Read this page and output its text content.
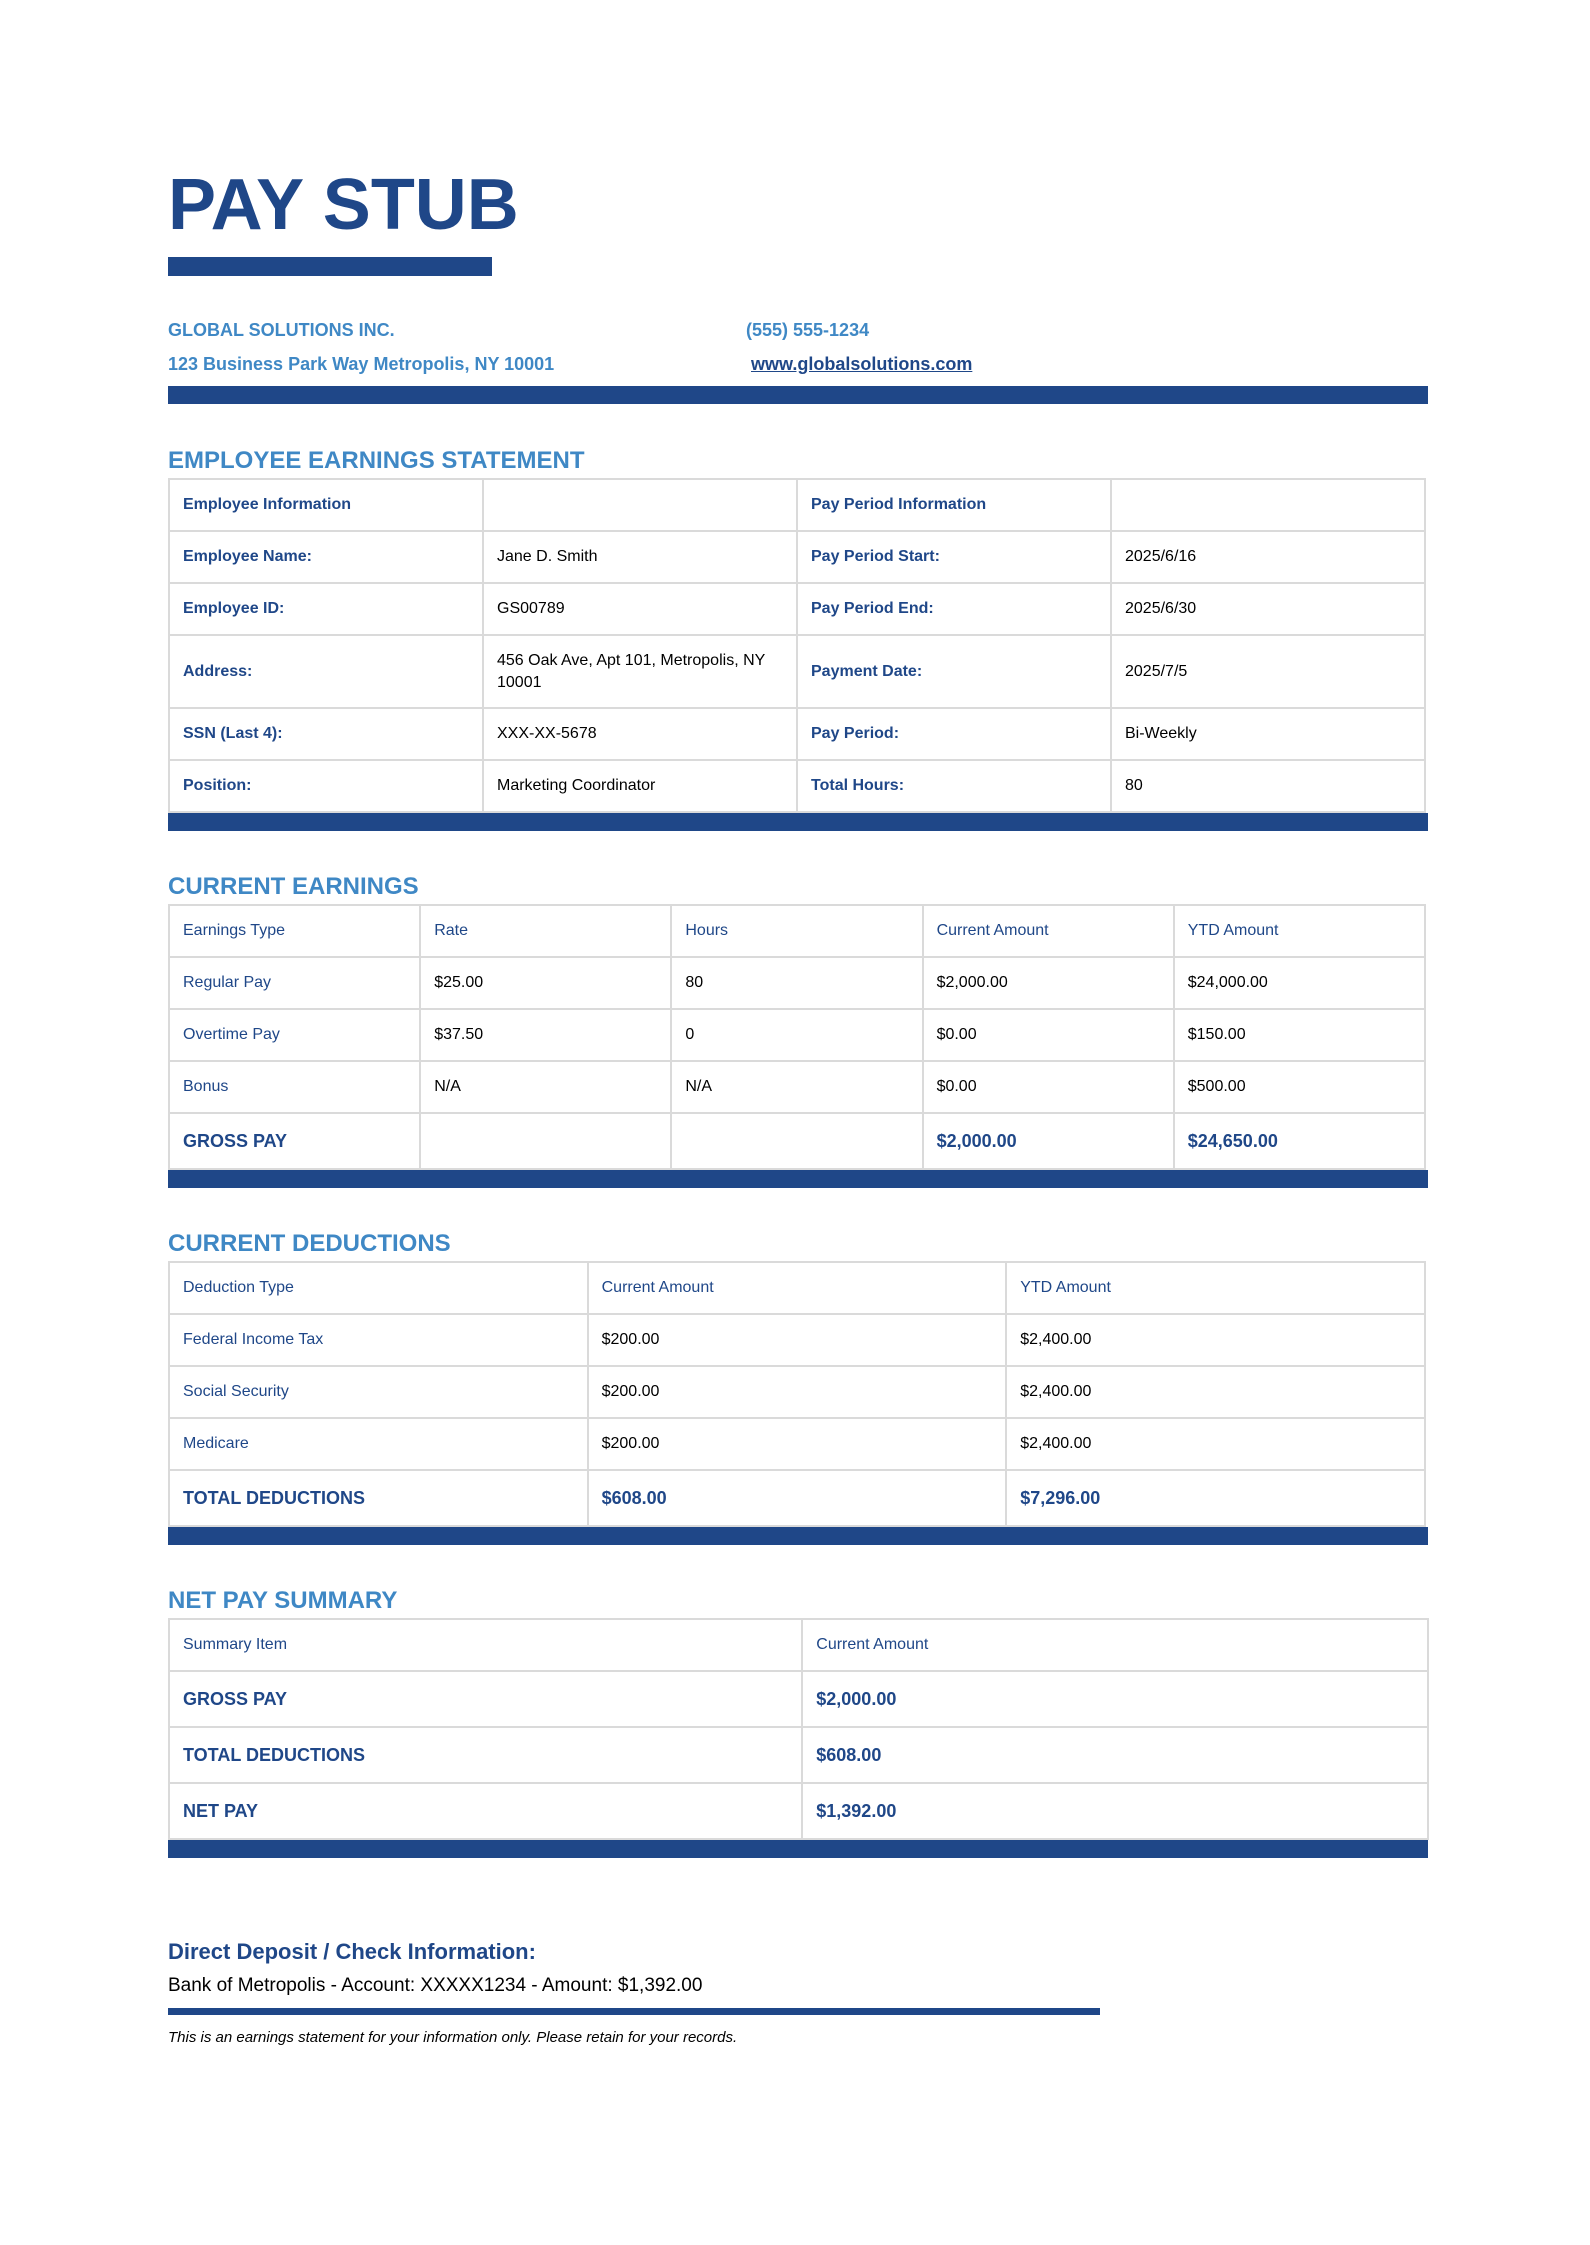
PAY STUB
GLOBAL SOLUTIONS INC.
123 Business Park Way Metropolis, NY 10001
(555) 555-1234
www.globalsolutions.com
EMPLOYEE EARNINGS STATEMENT
Employee Information		Pay Period Information	
Employee Name:	Jane D. Smith	Pay Period Start:	2025/6/16
Employee ID:	GS00789	Pay Period End:	2025/6/30
Address:	456 Oak Ave, Apt 101, Metropolis, NY 10001	Payment Date:	2025/7/5
SSN (Last 4):	XXX-XX-5678	Pay Period:	Bi-Weekly
Position:	Marketing Coordinator	Total Hours:	80
CURRENT EARNINGS
Earnings Type	Rate	Hours	Current Amount	YTD Amount
Regular Pay	$25.00	80	$2,000.00	$24,000.00
Overtime Pay	$37.50	0	$0.00	$150.00
Bonus	N/A	N/A	$0.00	$500.00
GROSS PAY			$2,000.00	$24,650.00
CURRENT DEDUCTIONS
Deduction Type	Current Amount	YTD Amount
Federal Income Tax	$200.00	$2,400.00
Social Security	$200.00	$2,400.00
Medicare	$200.00	$2,400.00
TOTAL DEDUCTIONS	$608.00	$7,296.00
NET PAY SUMMARY
Summary Item	Current Amount
GROSS PAY	$2,000.00
TOTAL DEDUCTIONS	$608.00
NET PAY	$1,392.00
Direct Deposit / Check Information:
Bank of Metropolis - Account: XXXXX1234 - Amount: $1,392.00
This is an earnings statement for your information only. Please retain for your records.
